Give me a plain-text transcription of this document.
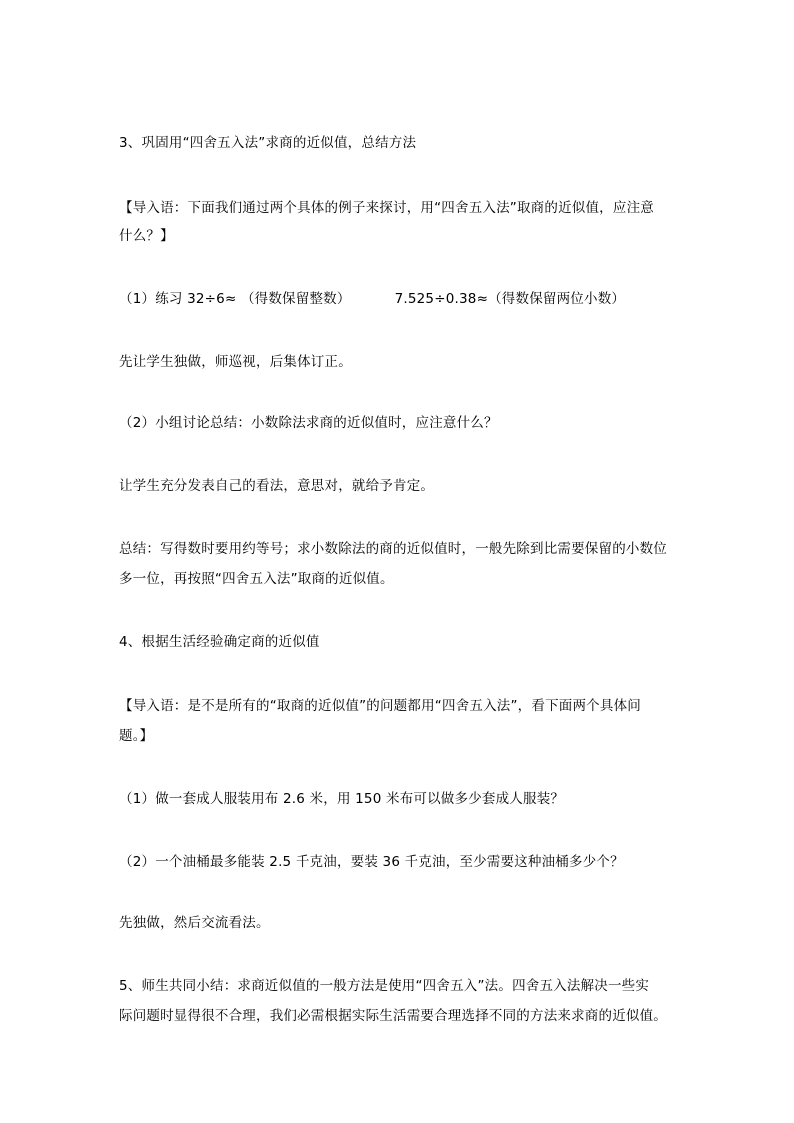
3、巩固用“四舍五入法”求商的近似值，总结方法
【导入语：下面我们通过两个具体的例子来探讨，用“四舍五入法”取商的近似值，应注意
什么？】
（1）练习 32÷6≈ （得数保留整数）	7.525÷0.38≈（得数保留两位小数）
先让学生独做，师巡视，后集体订正。
（2）小组讨论总结：小数除法求商的近似值时，应注意什么？
让学生充分发表自己的看法，意思对，就给予肯定。
总结：写得数时要用约等号；求小数除法的商的近似值时，一般先除到比需要保留的小数位
多一位，再按照“四舍五入法”取商的近似值。
4、根据生活经验确定商的近似值
【导入语：是不是所有的“取商的近似值”的问题都用“四舍五入法”，看下面两个具体问
题。】
（1）做一套成人服装用布 2.6 米，用 150 米布可以做多少套成人服装？
（2）一个油桶最多能装 2.5 千克油，要装 36 千克油，至少需要这种油桶多少个？
先独做，然后交流看法。
5、师生共同小结：求商近似值的一般方法是使用“四舍五入”法。四舍五入法解决一些实
际问题时显得很不合理，我们必需根据实际生活需要合理选择不同的方法来求商的近似值。
